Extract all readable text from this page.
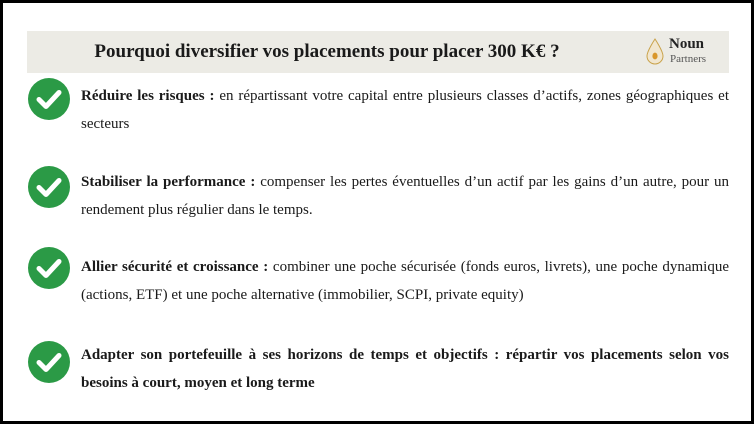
Pourquoi diversifier vos placements pour placer 300 K€ ?	Noun
Partners
Réduire les risques : en répartissant votre capital entre plusieurs classes d’actifs, zones géographiques et secteurs
Stabiliser la performance : compenser les pertes éventuelles d’un actif par les gains d’un autre, pour un rendement plus régulier dans le temps.
Allier sécurité et croissance : combiner une poche sécurisée (fonds euros, livrets), une poche dynamique (actions, ETF) et une poche alternative (immobilier, SCPI, private equity)
Adapter son portefeuille à ses horizons de temps et objectifs : répartir vos placements selon vos besoins à court, moyen et long terme
